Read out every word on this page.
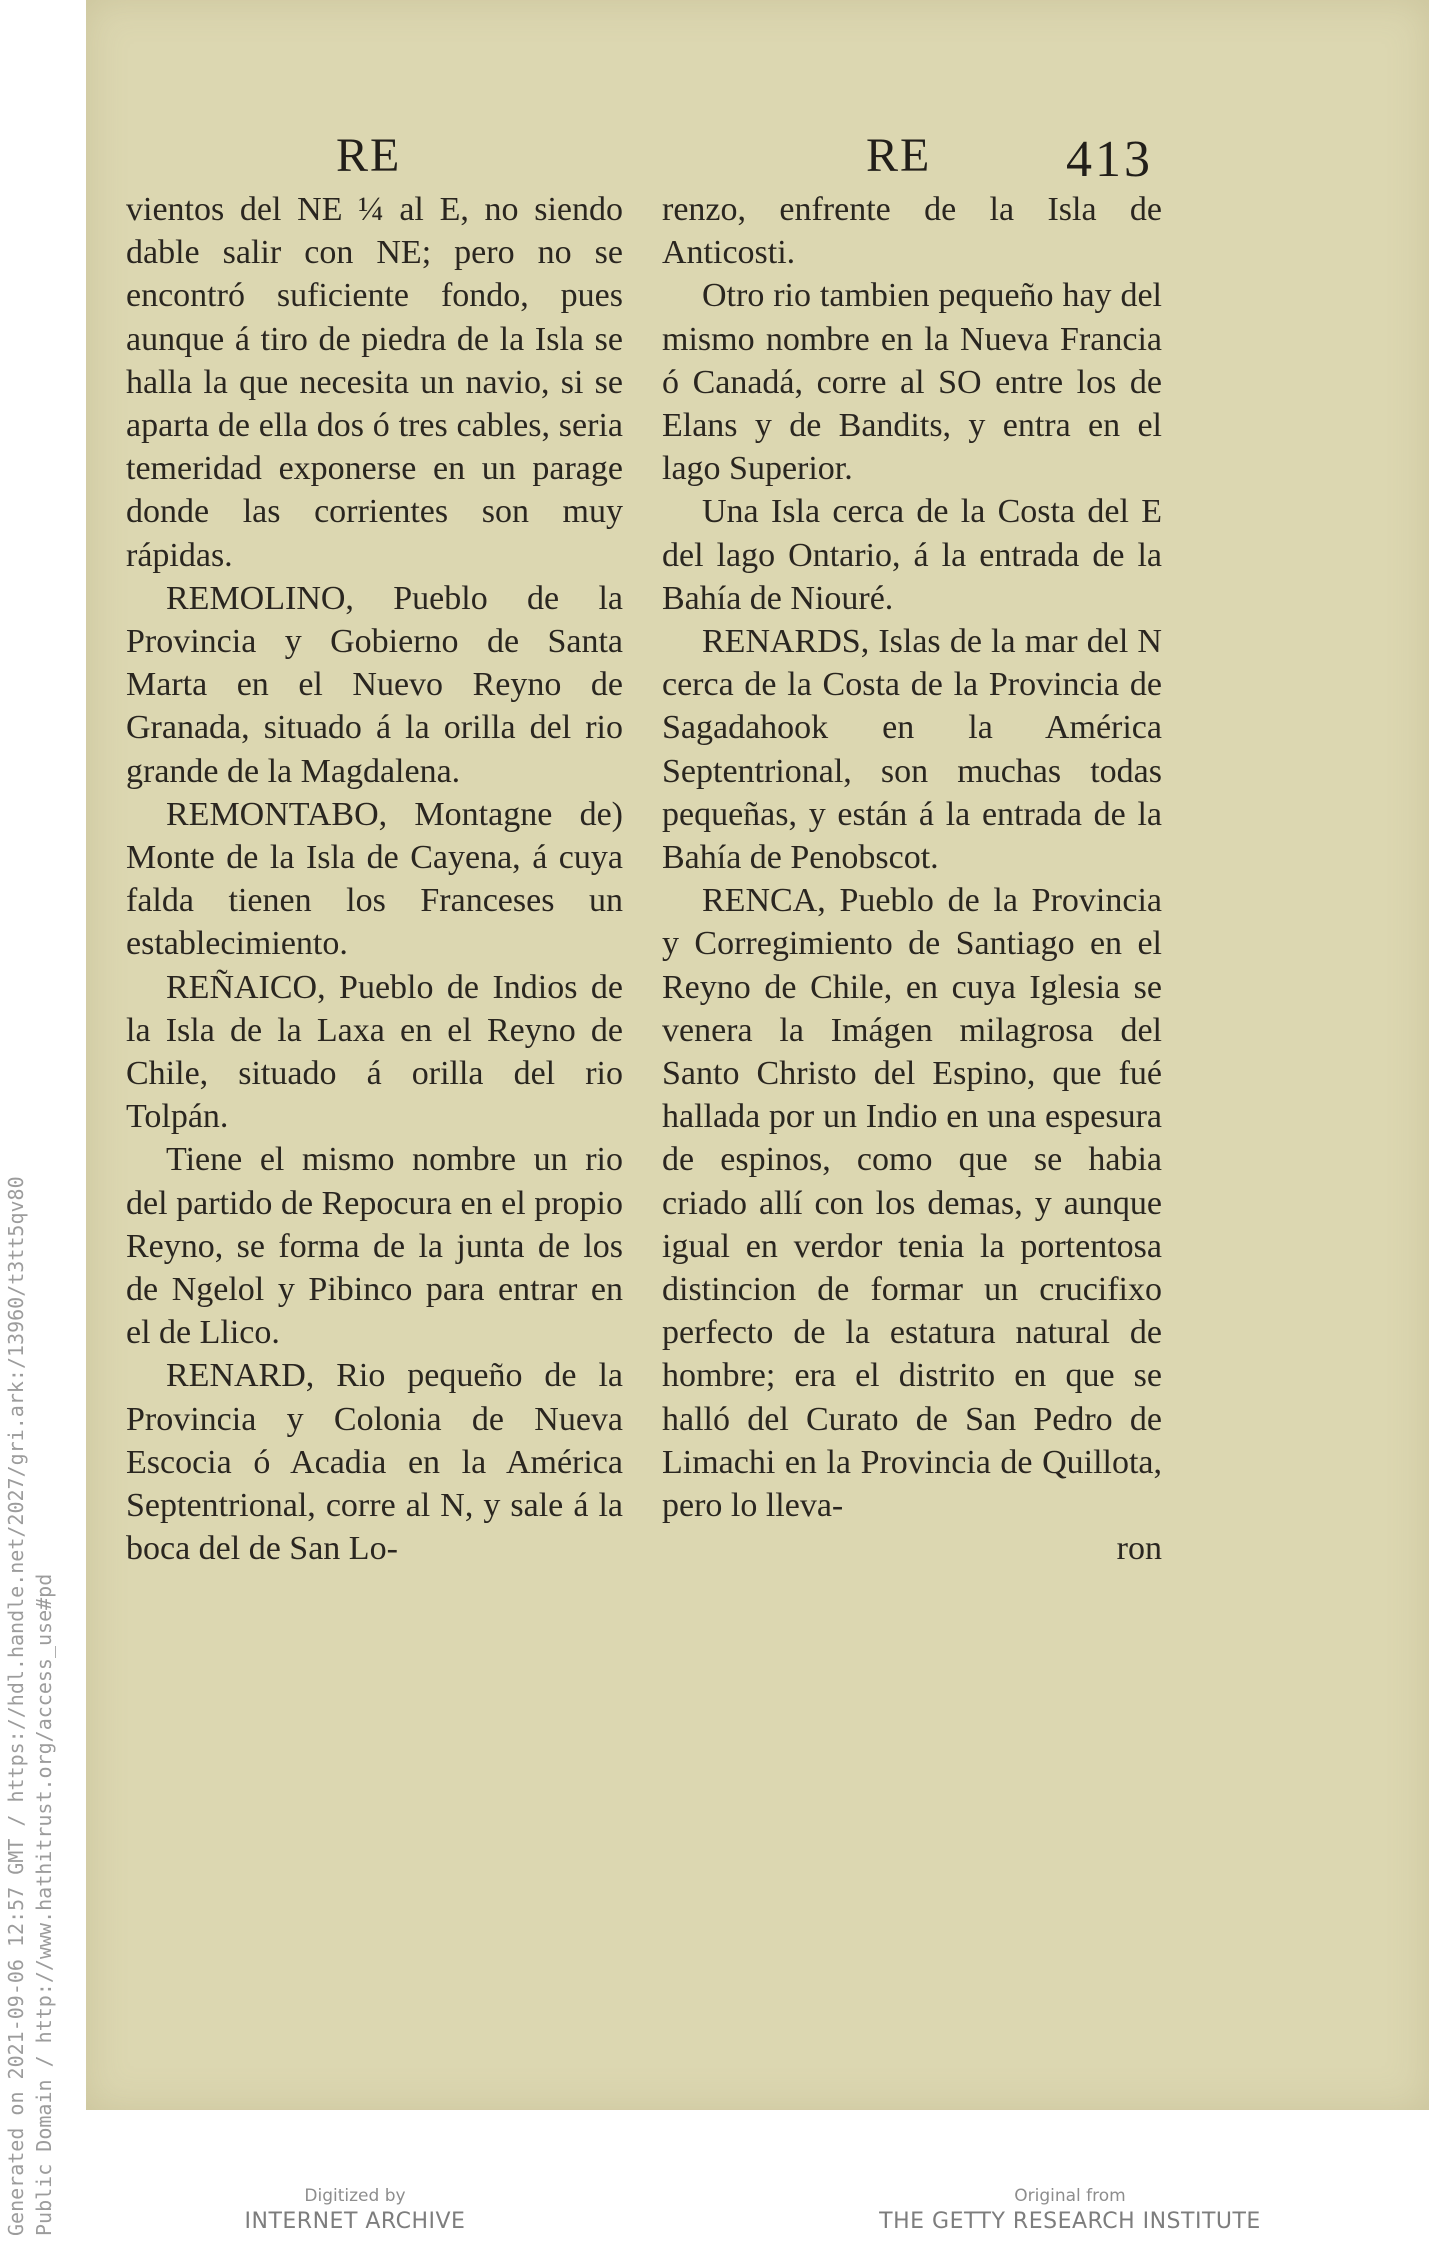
Generated on 2021-09-06 12:57 GMT / https://hdl.handle.net/2027/gri.ark:/13960/t3tt5qv80 Public Domain / http://www.hathitrust.org/access_use#pd
RE	RE	413

vientos del NE ¼ al E, no siendo dable salir con NE; pero no se encontró suficiente fondo, pues aunque á tiro de piedra de la Isla se halla la que necesita un navio, si se aparta de ella dos ó tres cables, seria temeridad exponerse en un parage donde las corrientes son muy rápidas.

REMOLINO, Pueblo de la Provincia y Gobierno de Santa Marta en el Nuevo Reyno de Granada, situado á la orilla del rio grande de la Magdalena.

REMONTABO, Montagne de) Monte de la Isla de Cayena, á cuya falda tienen los Franceses un establecimiento.

REÑAICO, Pueblo de Indios de la Isla de la Laxa en el Reyno de Chile, situado á orilla del rio Tolpán.

Tiene el mismo nombre un rio del partido de Repocura en el propio Reyno, se forma de la junta de los de Ngelol y Pibinco para entrar en el de Llico.

RENARD, Rio pequeño de la Provincia y Colonia de Nueva Escocia ó Acadia en la América Septentrional, corre al N, y sale á la boca del de San Lo-

renzo, enfrente de la Isla de Anticosti.

Otro rio tambien pequeño hay del mismo nombre en la Nueva Francia ó Canadá, corre al SO entre los de Elans y de Bandits, y entra en el lago Superior.

Una Isla cerca de la Costa del E del lago Ontario, á la entrada de la Bahía de Niouré.

RENARDS, Islas de la mar del N cerca de la Costa de la Provincia de Sagadahook en la América Septentrional, son muchas todas pequeñas, y están á la entrada de la Bahía de Penobscot.

RENCA, Pueblo de la Provincia y Corregimiento de Santiago en el Reyno de Chile, en cuya Iglesia se venera la Imágen milagrosa del Santo Christo del Espino, que fué hallada por un Indio en una espesura de espinos, como que se habia criado allí con los demas, y aunque igual en verdor tenia la portentosa distincion de formar un crucifixo perfecto de la estatura natural de hombre; era el distrito en que se halló del Curato de San Pedro de Limachi en la Provincia de Quillota, pero lo lleva-

ron
Digitized by
INTERNET ARCHIVE
Original from
THE GETTY RESEARCH INSTITUTE
